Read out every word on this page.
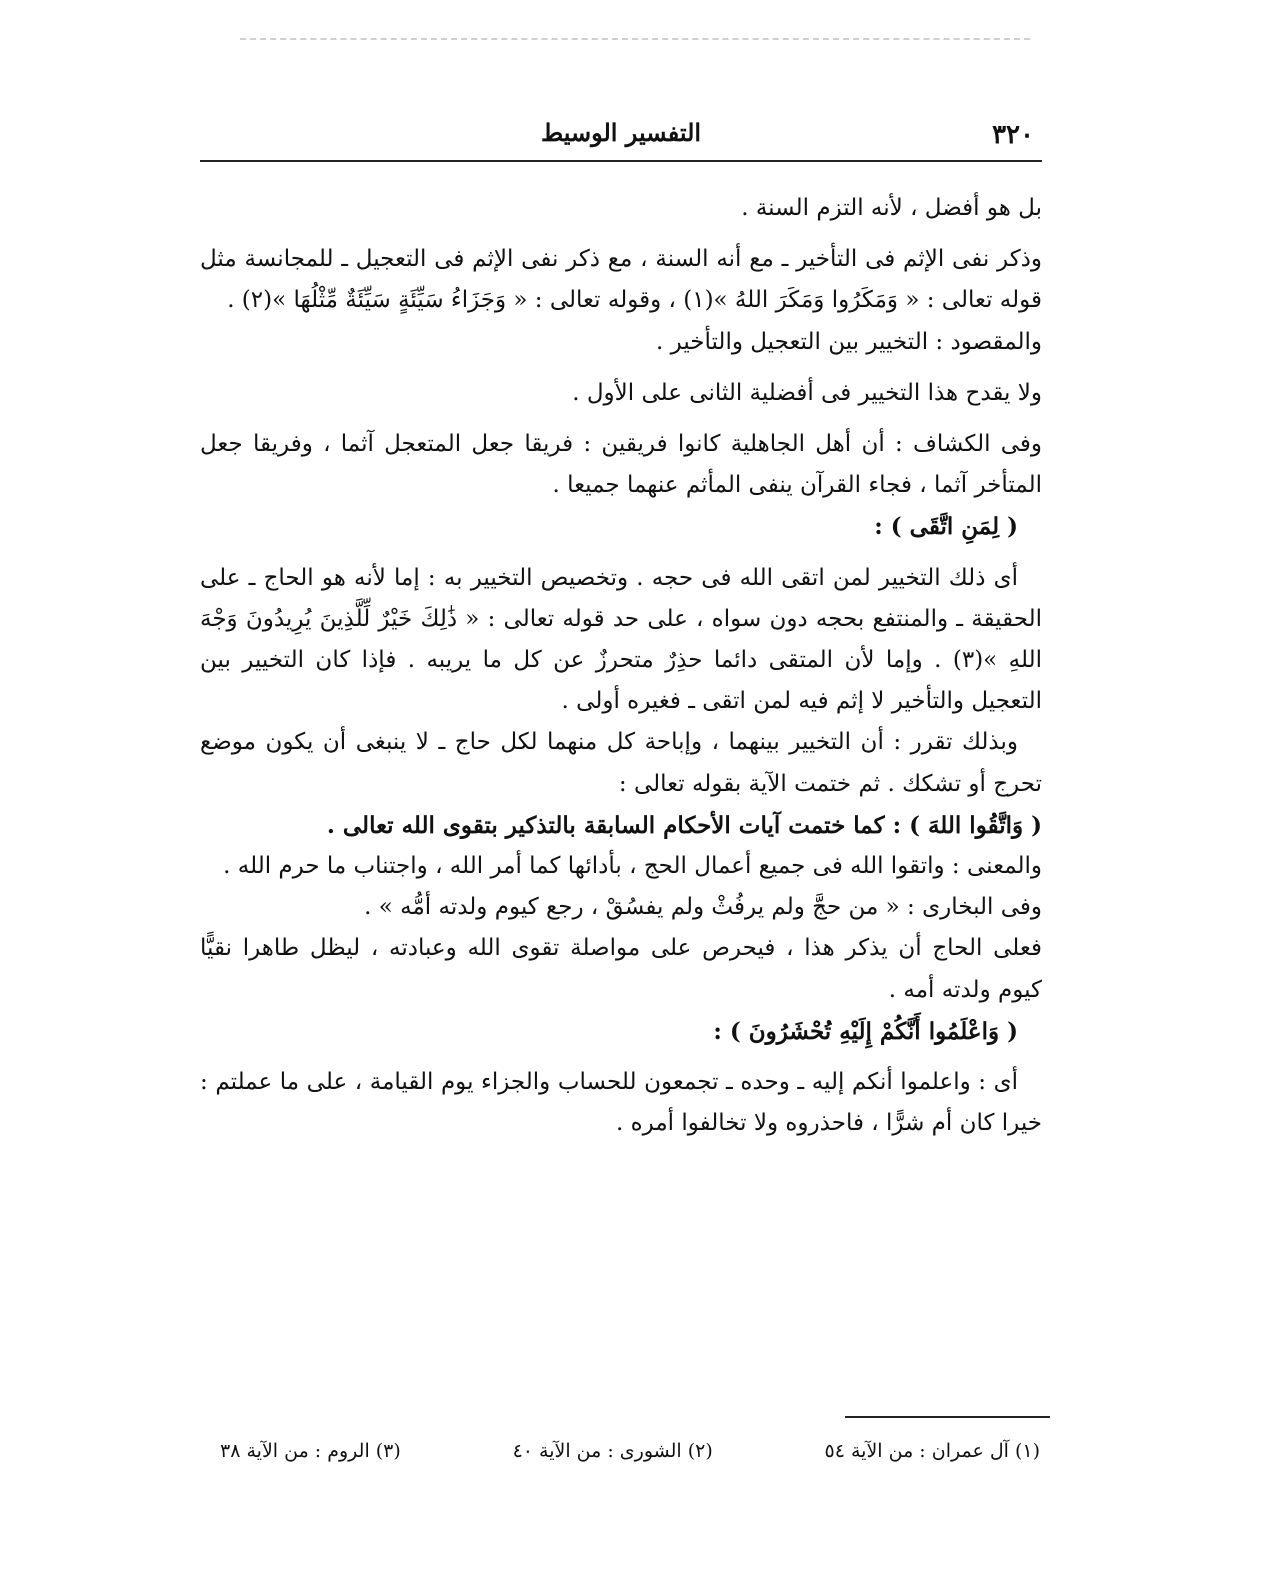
٣٢٠
التفسير الوسيط

بل هو أفضل ، لأنه التزم السنة .

وذكر نفى الإثم فى التأخير ـ مع أنه السنة ، مع ذكر نفى الإثم فى التعجيل ـ للمجانسة مثل قوله تعالى : « وَمَكَرُوا وَمَكَرَ اللهُ »(١) ، وقوله تعالى : « وَجَزَاءُ سَيِّئَةٍ سَيِّئَةٌ مِّثْلُهَا »(٢) .

والمقصود : التخيير بين التعجيل والتأخير .

ولا يقدح هذا التخيير فى أفضلية الثانى على الأول .

وفى الكشاف : أن أهل الجاهلية كانوا فريقين : فريقا جعل المتعجل آثما ، وفريقا جعل المتأخر آثما ، فجاء القرآن ينفى المأثم عنهما جميعا .

( لِمَنِ اتَّقَى ) :

أى ذلك التخيير لمن اتقى الله فى حجه . وتخصيص التخيير به : إما لأنه هو الحاج ـ على الحقيقة ـ والمنتفع بحجه دون سواه ، على حد قوله تعالى : « ذَٰلِكَ خَيْرٌ لِّلَّذِينَ يُرِيدُونَ وَجْهَ اللهِ »(٣) . وإما لأن المتقى دائما حذِرٌ متحرزٌ عن كل ما يريبه . فإذا كان التخيير بين التعجيل والتأخير لا إثم فيه لمن اتقى ـ فغيره أولى .

وبذلك تقرر : أن التخيير بينهما ، وإباحة كل منهما لكل حاج ـ لا ينبغى أن يكون موضع تحرج أو تشكك . ثم ختمت الآية بقوله تعالى :

( وَاتَّقُوا اللهَ ) : كما ختمت آيات الأحكام السابقة بالتذكير بتقوى الله تعالى .

والمعنى : واتقوا الله فى جميع أعمال الحج ، بأدائها كما أمر الله ، واجتناب ما حرم الله .

وفى البخارى : « من حجَّ ولم يرفُثْ ولم يفسُقْ ، رجع كيوم ولدته أمُّه » .

فعلى الحاج أن يذكر هذا ، فيحرص على مواصلة تقوى الله وعبادته ، ليظل طاهرا نقيًّا كيوم ولدته أمه .

( وَاعْلَمُوا أَنَّكُمْ إِلَيْهِ تُحْشَرُونَ ) :

أى : واعلموا أنكم إليه ـ وحده ـ تجمعون للحساب والجزاء يوم القيامة ، على ما عملتم : خيرا كان أم شرًّا ، فاحذروه ولا تخالفوا أمره .

(١) آل عمران : من الآية ٥٤
(٢) الشورى : من الآية ٤٠
(٣) الروم : من الآية ٣٨
